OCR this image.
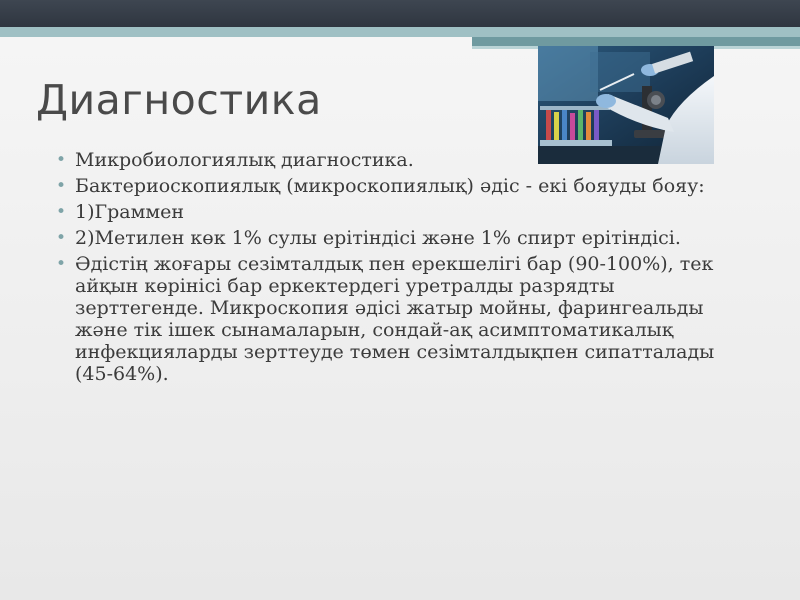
Диагностика
• Микробиологиялық диагностика.
• Бактериоскопиялық (микроскопиялық) әдіс - екі бояуды бояу:
• 1)Граммен
• 2)Метилен көк 1% сулы ерітіндісі және 1% спирт ерітіндісі.
• Әдістің жоғары сезімталдық пен ерекшелігі бар (90-100%), тек айқын көрінісі бар еркектердегі уретралды разрядты зерттегенде. Микроскопия әдісі жатыр мойны, фарингеальды және тік ішек сынамаларын, сондай-ақ асимптоматикалық инфекцияларды зерттеуде төмен сезімталдықпен сипатталады (45-64%).
